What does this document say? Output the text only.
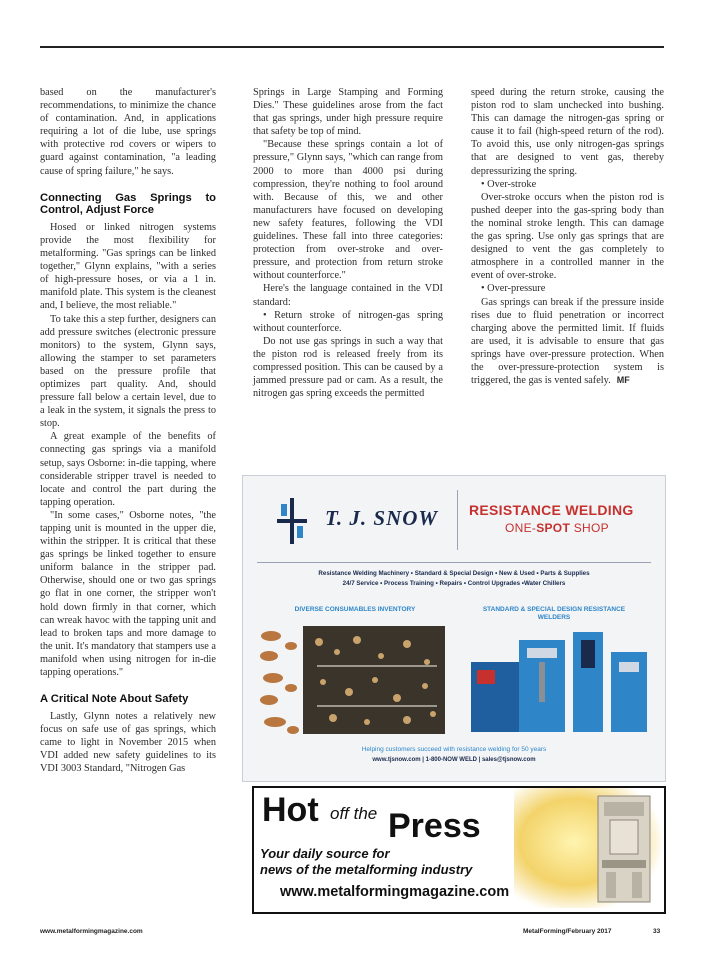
based on the manufacturer's recommendations, to minimize the chance of contamination. And, in applications requiring a lot of die lube, use springs with protective rod covers or wipers to guard against contamination, "a leading cause of spring failure," he says.

Connecting Gas Springs to Control, Adjust Force

Hosed or linked nitrogen systems provide the most flexibility for metalforming. "Gas springs can be linked together," Glynn explains, "with a series of high-pressure hoses, or via a 1 in. manifold plate. This system is the cleanest and, I believe, the most reliable."

To take this a step further, designers can add pressure switches (electronic pressure monitors) to the system, Glynn says, allowing the stamper to set parameters based on the pressure profile that optimizes part quality. And, should pressure fall below a certain level, due to a leak in the system, it signals the press to stop.

A great example of the benefits of connecting gas springs via a manifold setup, says Osborne: in-die tapping, where considerable stripper travel is needed to locate and control the part during the tapping operation.

"In some cases," Osborne notes, "the tapping unit is mounted in the upper die, within the stripper. It is critical that these gas springs be linked together to ensure uniform balance in the stripper pad. Otherwise, should one or two gas springs go flat in one corner, the stripper won't hold down firmly in that corner, which can wreak havoc with the tapping unit and lead to broken taps and more damage to the unit. It's mandatory that stampers use a manifold when using nitrogen for in-die tapping operations."

A Critical Note About Safety

Lastly, Glynn notes a relatively new focus on safe use of gas springs, which came to light in November 2015 when VDI added new safety guidelines to its VDI 3003 Standard, "Nitrogen Gas

Springs in Large Stamping and Forming Dies." These guidelines arose from the fact that gas springs, under high pressure require that safety be top of mind.

"Because these springs contain a lot of pressure," Glynn says, "which can range from 2000 to more than 4000 psi during compression, they're nothing to fool around with. Because of this, we and other manufacturers have focused on developing new safety features, following the VDI guidelines. These fall into three categories: protection from over-stroke and over-pressure, and protection from return stroke without counterforce."

Here's the language contained in the VDI standard:

• Return stroke of nitrogen-gas spring without counterforce.

Do not use gas springs in such a way that the piston rod is released freely from its compressed position. This can be caused by a jammed pressure pad or cam. As a result, the nitrogen gas spring exceeds the permitted

speed during the return stroke, causing the piston rod to slam unchecked into bushing. This can damage the nitrogen-gas spring or cause it to fail (high-speed return of the rod). To avoid this, use only nitrogen-gas springs that are designed to vent gas, thereby depressurizing the spring.

• Over-stroke

Over-stroke occurs when the piston rod is pushed deeper into the gas-spring body than the nominal stroke length. This can damage the gas spring. Use only gas springs that are designed to vent the gas completely to atmosphere in a controlled manner in the event of over-stroke.

• Over-pressure

Gas springs can break if the pressure inside rises due to fluid penetration or incorrect charging above the permitted limit. If fluids are used, it is advisable to ensure that gas springs have over-pressure protection. When the over-pressure-protection system is triggered, the gas is vented safely. MF

T. J. SNOW RESISTANCE WELDING
ONE-SPOT SHOP
Resistance Welding Machinery • Standard & Special Design • New & Used • Parts & Supplies
24/7 Service • Process Training • Repairs • Control Upgrades •Water Chillers
DIVERSE CONSUMABLES INVENTORY	STANDARD & SPECIAL DESIGN RESISTANCE WELDERS
Helping customers succeed with resistance welding for 50 years
www.tjsnow.com | 1-800-NOW WELD | sales@tjsnow.com
Hot off the Press
Your daily source for
news of the metalforming industry
www.metalformingmagazine.com
www.metalformingmagazine.com	MetalForming/February 2017	33
